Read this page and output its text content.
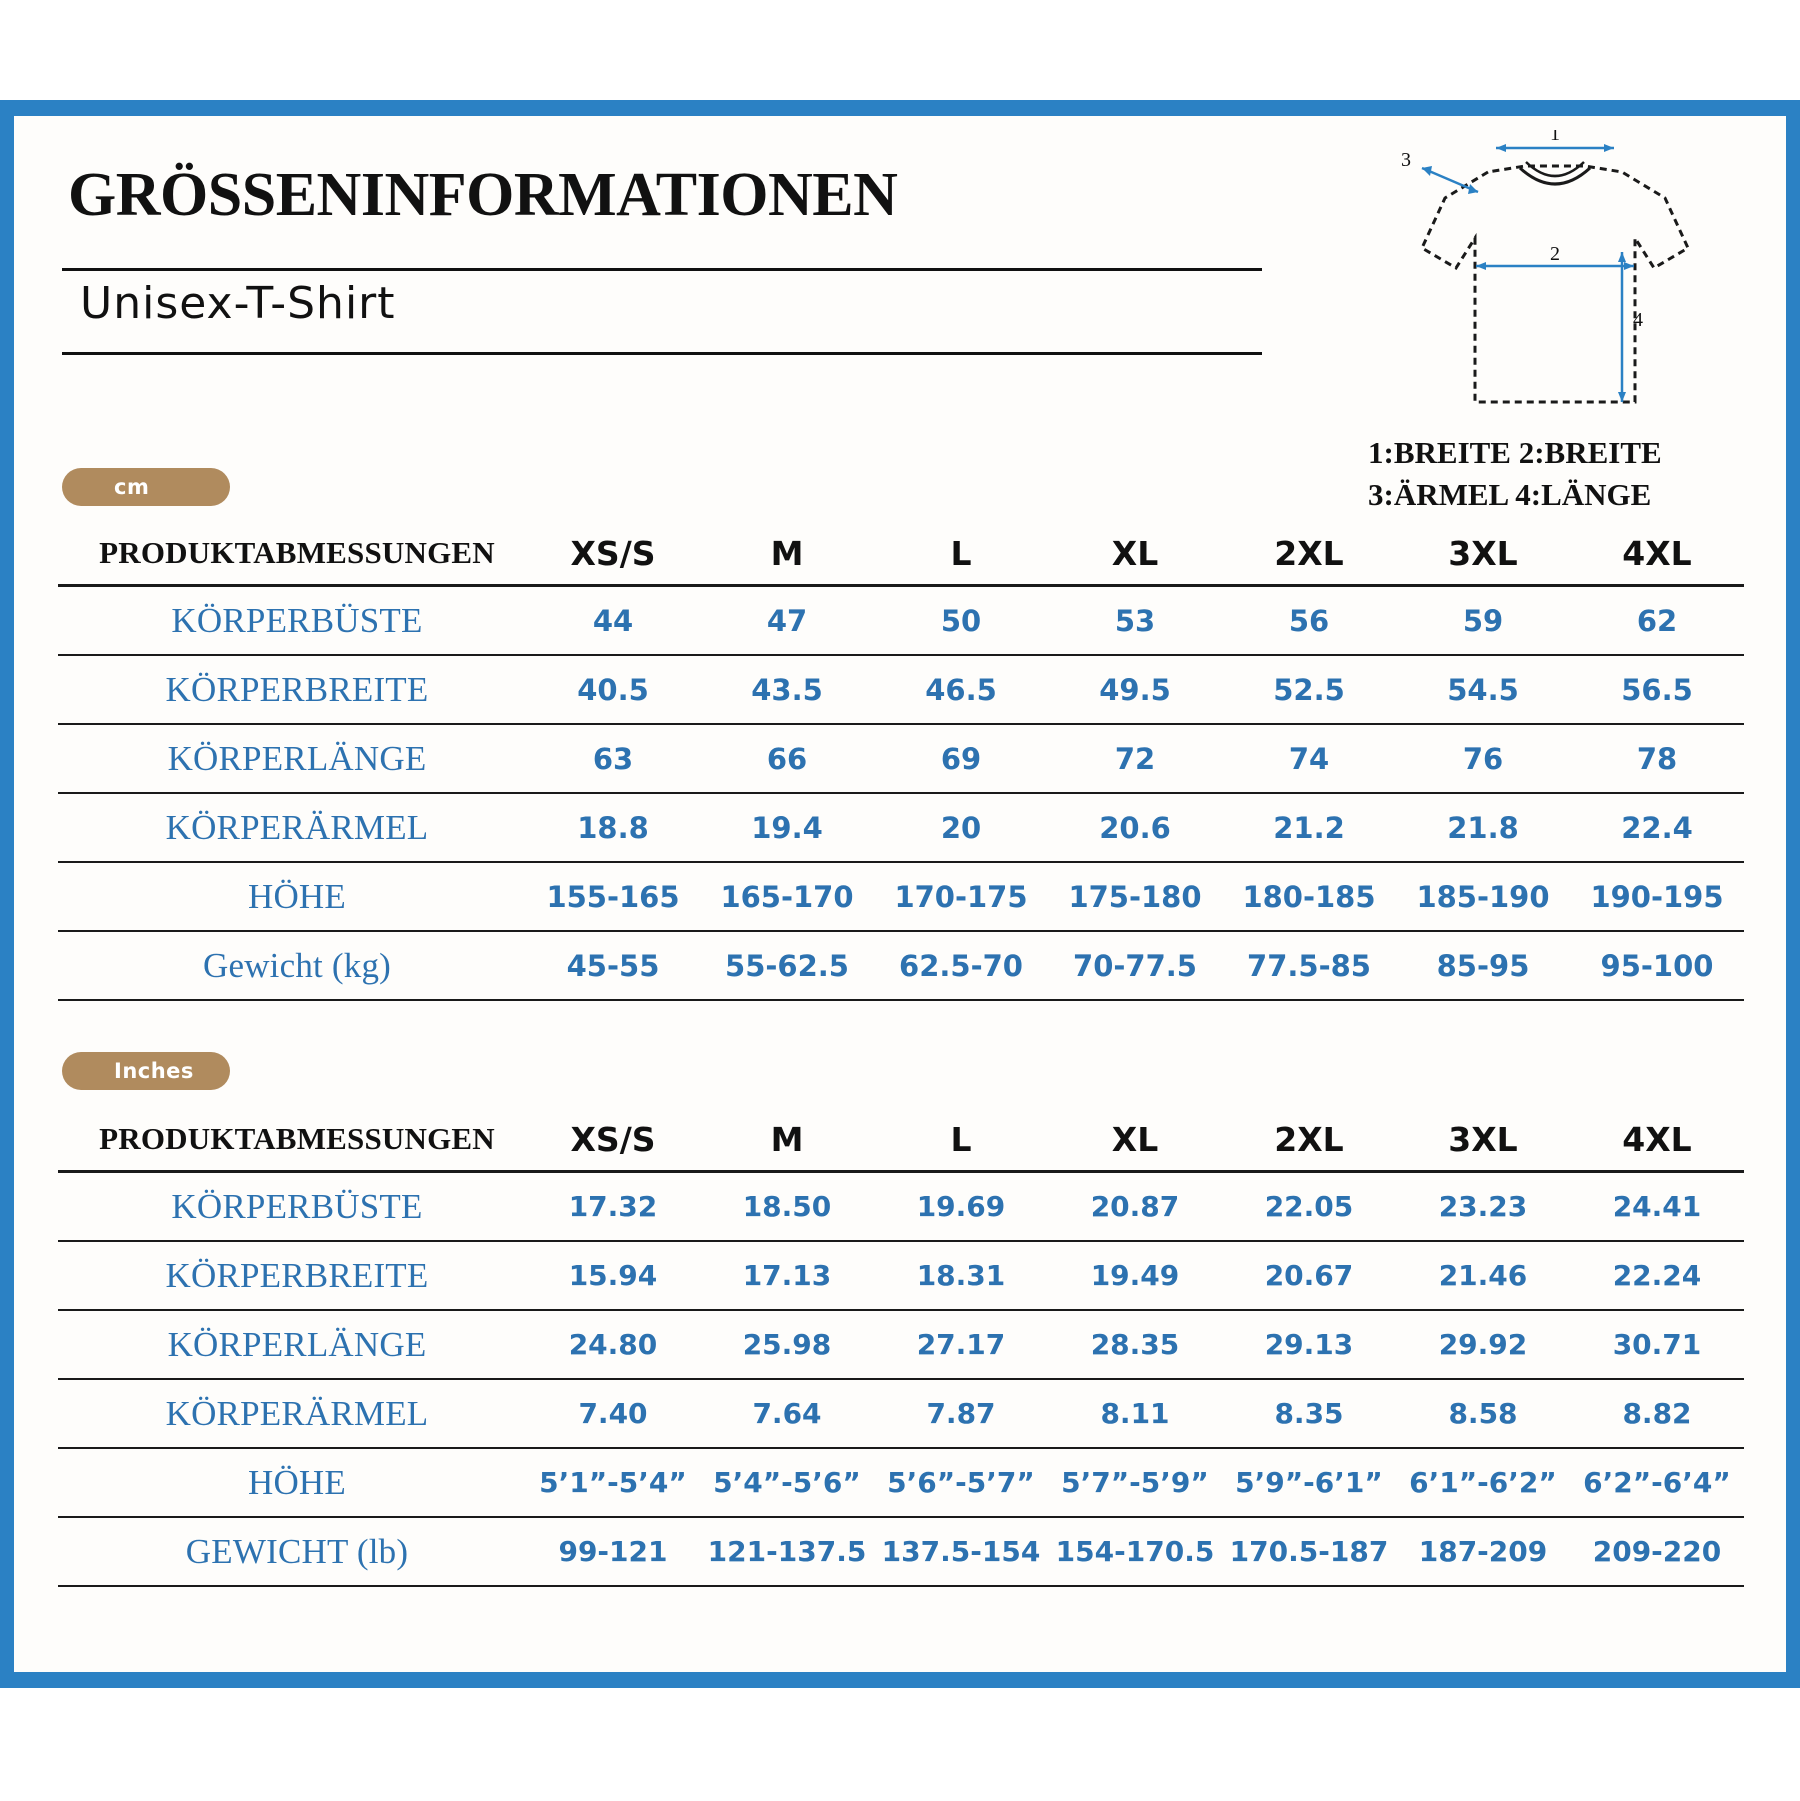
GRÖSSENINFORMATIONEN
Unisex-T-Shirt
1
3
2
4
1:BREITE 2:BREITE
3:ÄRMEL 4:LÄNGE
cm
PRODUKTABMESSUNGEN	XS/S	M	L	XL	2XL	3XL	4XL
KÖRPERBÜSTE	44	47	50	53	56	59	62
KÖRPERBREITE	40.5	43.5	46.5	49.5	52.5	54.5	56.5
KÖRPERLÄNGE	63	66	69	72	74	76	78
KÖRPERÄRMEL	18.8	19.4	20	20.6	21.2	21.8	22.4
HÖHE	155-165	165-170	170-175	175-180	180-185	185-190	190-195
Gewicht (kg)	45-55	55-62.5	62.5-70	70-77.5	77.5-85	85-95	95-100
Inches
PRODUKTABMESSUNGEN	XS/S	M	L	XL	2XL	3XL	4XL
KÖRPERBÜSTE	17.32	18.50	19.69	20.87	22.05	23.23	24.41
KÖRPERBREITE	15.94	17.13	18.31	19.49	20.67	21.46	22.24
KÖRPERLÄNGE	24.80	25.98	27.17	28.35	29.13	29.92	30.71
KÖRPERÄRMEL	7.40	7.64	7.87	8.11	8.35	8.58	8.82
HÖHE	5’1”-5’4”	5’4”-5’6”	5’6”-5’7”	5’7”-5’9”	5’9”-6’1”	6’1”-6’2”	6’2”-6’4”
GEWICHT (lb)	99-121	121-137.5	137.5-154	154-170.5	170.5-187	187-209	209-220
